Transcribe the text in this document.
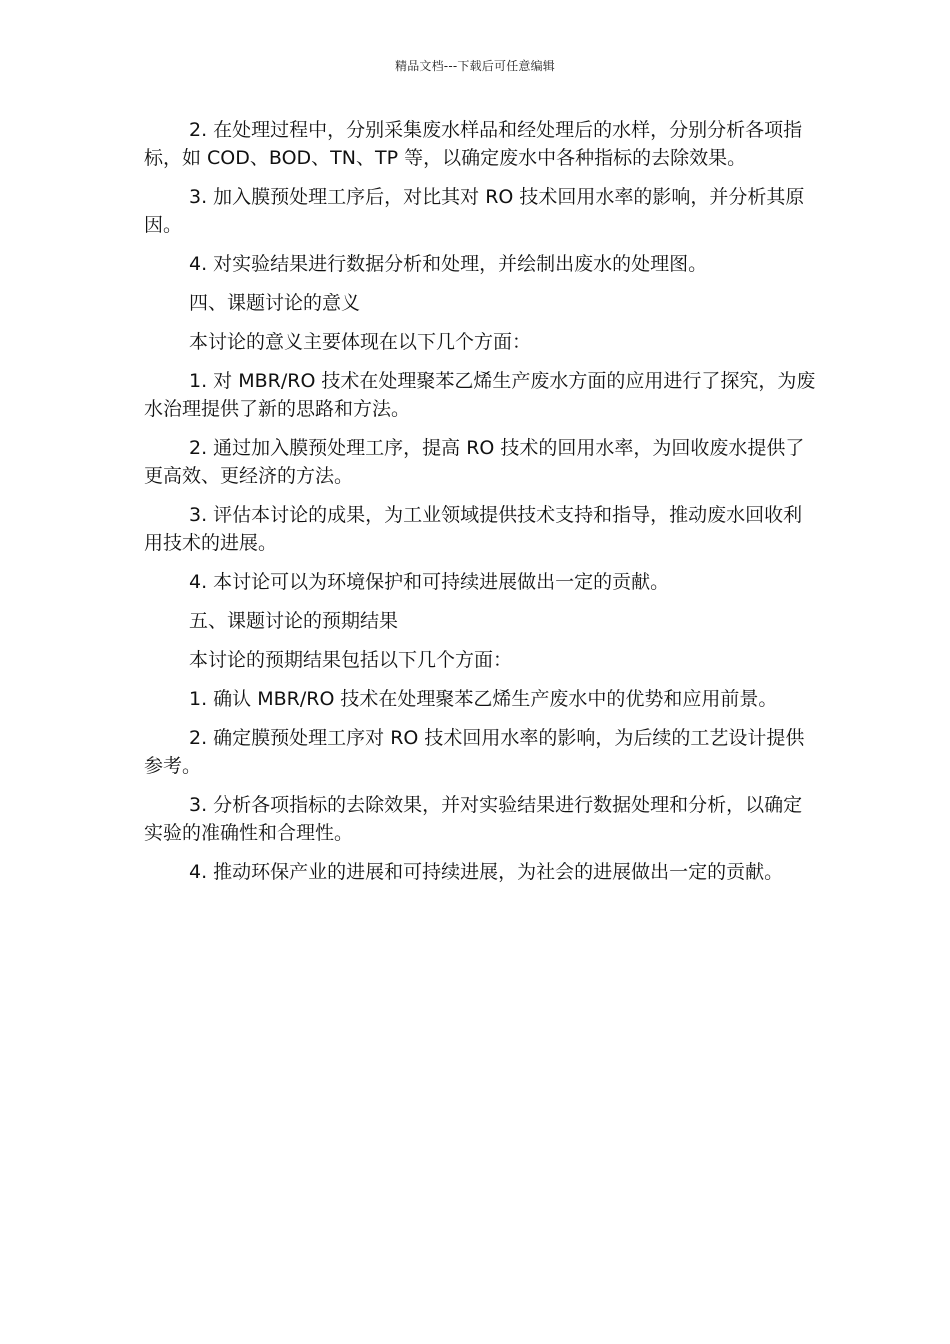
精品文档---下载后可任意编辑

2. 在处理过程中，分别采集废水样品和经处理后的水样，分别分析各项指标，如 COD、BOD、TN、TP 等，以确定废水中各种指标的去除效果。

3. 加入膜预处理工序后，对比其对 RO 技术回用水率的影响，并分析其原因。

4. 对实验结果进行数据分析和处理，并绘制出废水的处理图。

四、课题讨论的意义

本讨论的意义主要体现在以下几个方面：

1. 对 MBR/RO 技术在处理聚苯乙烯生产废水方面的应用进行了探究，为废水治理提供了新的思路和方法。

2. 通过加入膜预处理工序，提高 RO 技术的回用水率，为回收废水提供了更高效、更经济的方法。

3. 评估本讨论的成果，为工业领域提供技术支持和指导，推动废水回收利用技术的进展。

4. 本讨论可以为环境保护和可持续进展做出一定的贡献。

五、课题讨论的预期结果

本讨论的预期结果包括以下几个方面：

1. 确认 MBR/RO 技术在处理聚苯乙烯生产废水中的优势和应用前景。

2. 确定膜预处理工序对 RO 技术回用水率的影响，为后续的工艺设计提供参考。

3. 分析各项指标的去除效果，并对实验结果进行数据处理和分析，以确定实验的准确性和合理性。

4. 推动环保产业的进展和可持续进展，为社会的进展做出一定的贡献。
